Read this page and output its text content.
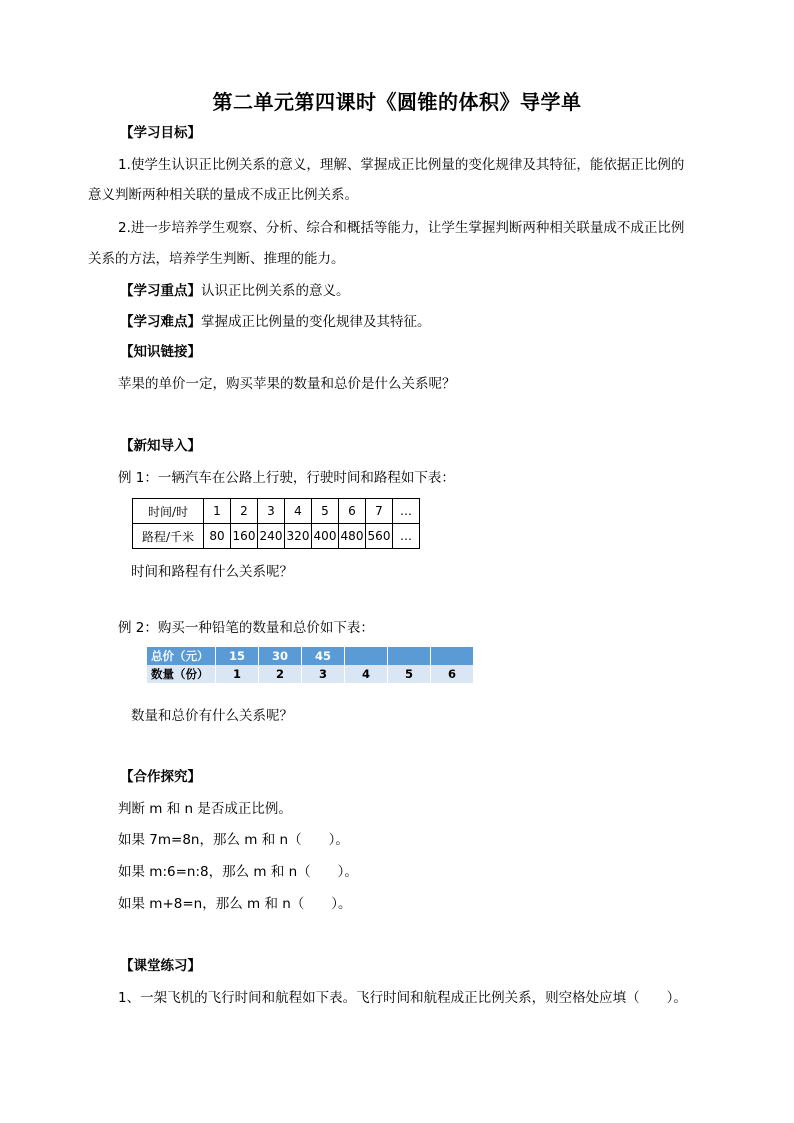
第二单元第四课时《圆锥的体积》导学单
【学习目标】
1.使学生认识正比例关系的意义，理解、掌握成正比例量的变化规律及其特征，能依据正比例的
意义判断两种相关联的量成不成正比例关系。
2.进一步培养学生观察、分析、综合和概括等能力，让学生掌握判断两种相关联量成不成正比例
关系的方法，培养学生判断、推理的能力。
【学习重点】认识正比例关系的意义。
【学习难点】掌握成正比例量的变化规律及其特征。
【知识链接】
苹果的单价一定，购买苹果的数量和总价是什么关系呢？
【新知导入】
例 1：一辆汽车在公路上行驶，行驶时间和路程如下表：
时间/时	1	2	3	4	5	6	7	…
路程/千米	80	160	240	320	400	480	560	…
时间和路程有什么关系呢？
例 2：购买一种铅笔的数量和总价如下表：
总价（元）	15	30	45			
数量（份）	1	2	3	4	5	6
数量和总价有什么关系呢？
【合作探究】
判断 m 和 n 是否成正比例。
如果 7m=8n，那么 m 和 n（　　）。
如果 m:6=n:8，那么 m 和 n（　　）。
如果 m+8=n，那么 m 和 n（　　）。
【课堂练习】
1、一架飞机的飞行时间和航程如下表。飞行时间和航程成正比例关系，则空格处应填（　　）。
